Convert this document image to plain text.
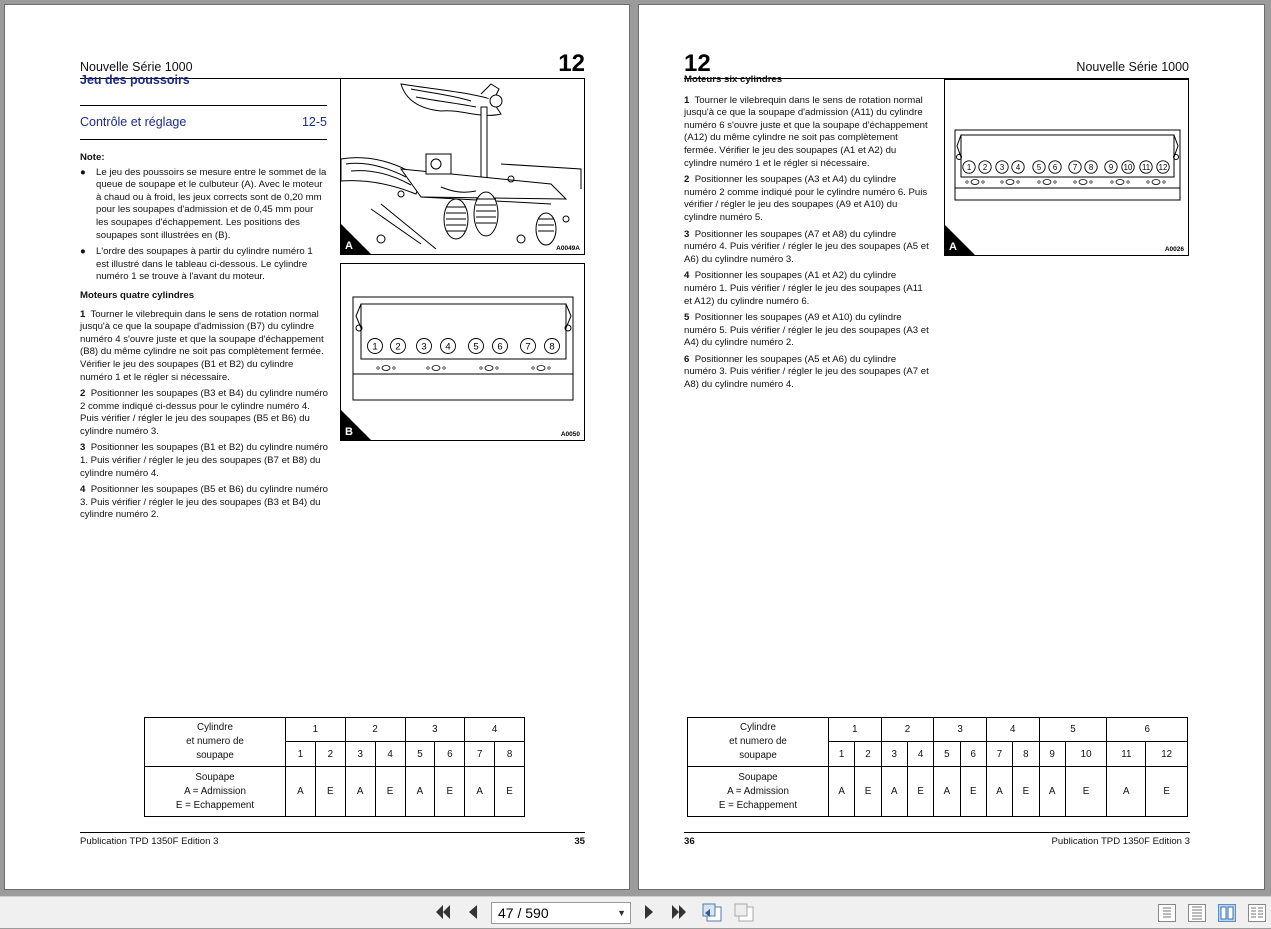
Nouvelle Série 1000	12
Jeu des poussoirs
Contrôle et réglage	12-5
Note:
●	Le jeu des poussoirs se mesure entre le sommet de la queue de soupape et le culbuteur (A). Avec le moteur à chaud ou à froid, les jeux corrects sont de 0,20 mm pour les soupapes d'admission et de 0,45 mm pour les soupapes d'échappement. Les positions des soupapes sont illustrées en (B).
●	L'ordre des soupapes à partir du cylindre numéro 1 est illustré dans le tableau ci-dessous. Le cylindre numéro 1 se trouve à l'avant du moteur.
Moteurs quatre cylindres
1 Tourner le vilebrequin dans le sens de rotation normal jusqu'à ce que la soupape d'admission (B7) du cylindre numéro 4 s'ouvre juste et que la soupape d'échappement (B8) du même cylindre ne soit pas complètement fermée. Vérifier le jeu des soupapes (B1 et B2) du cylindre numéro 1 et le régler si nécessaire.
2 Positionner les soupapes (B3 et B4) du cylindre numéro 2 comme indiqué ci-dessus pour le cylindre numéro 4. Puis vérifier / régler le jeu des soupapes (B5 et B6) du cylindre numéro 3.
3 Positionner les soupapes (B1 et B2) du cylindre numéro 1. Puis vérifier / régler le jeu des soupapes (B7 et B8) du cylindre numéro 4.
4 Positionner les soupapes (B5 et B6) du cylindre numéro 3. Puis vérifier / régler le jeu des soupapes (B3 et B4) du cylindre numéro 2.
A	A0049A
1 2 3 4 5 6 7 8
B	A0050
Cylindre
et numero de
soupape	1		2		3		4	
	1	2	3	4	5	6	7	8

Soupape
A = Admission
E = Echappement	A	E	A	E	A	E	A	E
Publication TPD 1350F Edition 3	35
12	Nouvelle Série 1000
Moteurs six cylindres
1 Tourner le vilebrequin dans le sens de rotation normal jusqu'à ce que la soupape d'admission (A11) du cylindre numéro 6 s'ouvre juste et que la soupape d'échappement (A12) du même cylindre ne soit pas complètement fermée. Vérifier le jeu des soupapes (A1 et A2) du cylindre numéro 1 et le régler si nécessaire.
2 Positionner les soupapes (A3 et A4) du cylindre numéro 2 comme indiqué pour le cylindre numéro 6. Puis vérifier / régler le jeu des soupapes (A9 et A10) du cylindre numéro 5.
3 Positionner les soupapes (A7 et A8) du cylindre numéro 4. Puis vérifier / régler le jeu des soupapes (A5 et A6) du cylindre numéro 3.
4 Positionner les soupapes (A1 et A2) du cylindre numéro 1. Puis vérifier / régler le jeu des soupapes (A11 et A12) du cylindre numéro 6.
5 Positionner les soupapes (A9 et A10) du cylindre numéro 5. Puis vérifier / régler le jeu des soupapes (A3 et A4) du cylindre numéro 2.
6 Positionner les soupapes (A5 et A6) du cylindre numéro 3. Puis vérifier / régler le jeu des soupapes (A7 et A8) du cylindre numéro 4.
1 2 3 4 5 6 7 8 9 10 11 12
A	A0026
Cylindre
et numero de
soupape	1		2		3		4		5		6	
	1	2	3	4	5	6	7	8	9	10	11	12

Soupape
A = Admission
E = Echappement	A	E	A	E	A	E	A	E	A	E	A	E
36	Publication TPD 1350F Edition 3
47 / 590	▼
